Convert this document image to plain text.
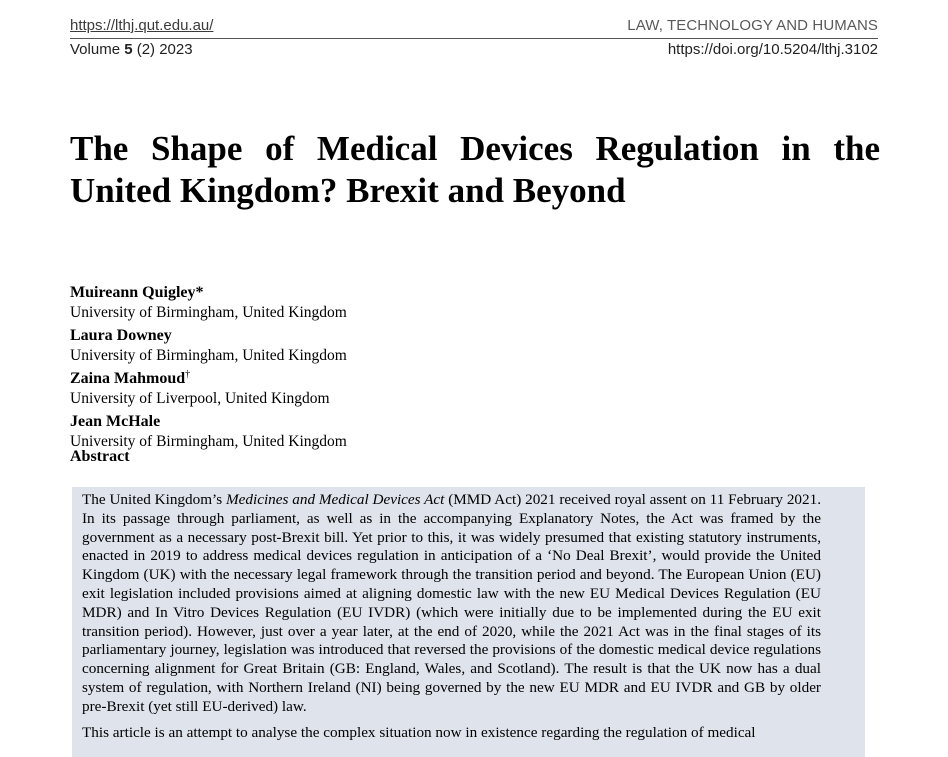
https://lthj.qut.edu.au/	LAW, TECHNOLOGY AND HUMANS
Volume 5 (2) 2023	https://doi.org/10.5204/lthj.3102
The Shape of Medical Devices Regulation in the United Kingdom? Brexit and Beyond
Muireann Quigley*
University of Birmingham, United Kingdom
Laura Downey
University of Birmingham, United Kingdom
Zaina Mahmoud†
University of Liverpool, United Kingdom
Jean McHale
University of Birmingham, United Kingdom
Abstract

The United Kingdom’s Medicines and Medical Devices Act (MMD Act) 2021 received royal assent on 11 February 2021. In its passage through parliament, as well as in the accompanying Explanatory Notes, the Act was framed by the government as a necessary post-Brexit bill. Yet prior to this, it was widely presumed that existing statutory instruments, enacted in 2019 to address medical devices regulation in anticipation of a ‘No Deal Brexit’, would provide the United Kingdom (UK) with the necessary legal framework through the transition period and beyond. The European Union (EU) exit legislation included provisions aimed at aligning domestic law with the new EU Medical Devices Regulation (EU MDR) and In Vitro Devices Regulation (EU IVDR) (which were initially due to be implemented during the EU exit transition period). However, just over a year later, at the end of 2020, while the 2021 Act was in the final stages of its parliamentary journey, legislation was introduced that reversed the provisions of the domestic medical device regulations concerning alignment for Great Britain (GB: England, Wales, and Scotland). The result is that the UK now has a dual system of regulation, with Northern Ireland (NI) being governed by the new EU MDR and EU IVDR and GB by older pre-Brexit (yet still EU-derived) law.

This article is an attempt to analyse the complex situation now in existence regarding the regulation of medical
